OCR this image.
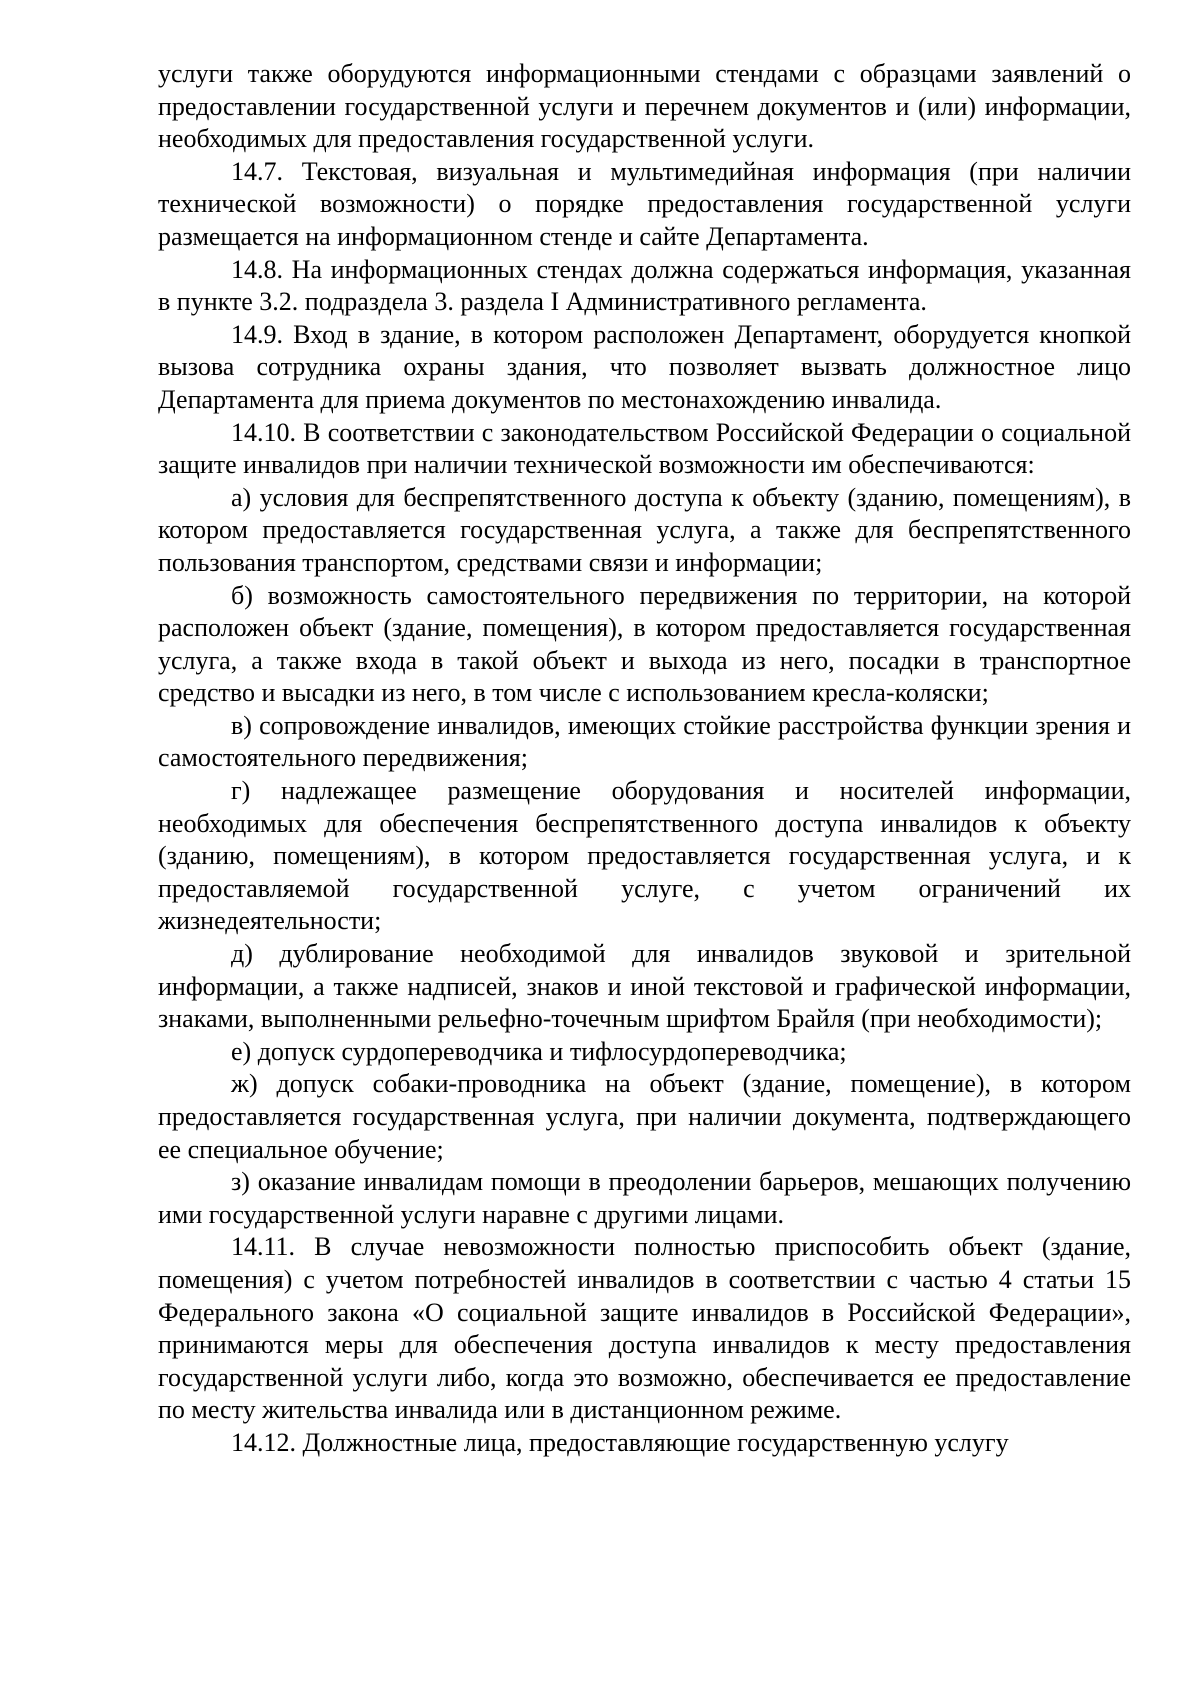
услуги также оборудуются информационными стендами с образцами заявлений о предоставлении государственной услуги и перечнем документов и (или) информации, необходимых для предоставления государственной услуги.

14.7. Текстовая, визуальная и мультимедийная информация (при наличии технической возможности) о порядке предоставления государственной услуги размещается на информационном стенде и сайте Департамента.

14.8. На информационных стендах должна содержаться информация, указанная в пункте 3.2. подраздела 3. раздела I Административного регламента.

14.9. Вход в здание, в котором расположен Департамент, оборудуется кнопкой вызова сотрудника охраны здания, что позволяет вызвать должностное лицо Департамента для приема документов по местонахождению инвалида.

14.10. В соответствии с законодательством Российской Федерации о социальной защите инвалидов при наличии технической возможности им обеспечиваются:

а) условия для беспрепятственного доступа к объекту (зданию, помещениям), в котором предоставляется государственная услуга, а также для беспрепятственного пользования транспортом, средствами связи и информации;

б) возможность самостоятельного передвижения по территории, на которой расположен объект (здание, помещения), в котором предоставляется государственная услуга, а также входа в такой объект и выхода из него, посадки в транспортное средство и высадки из него, в том числе с использованием кресла-коляски;

в) сопровождение инвалидов, имеющих стойкие расстройства функции зрения и самостоятельного передвижения;

г) надлежащее размещение оборудования и носителей информации, необходимых для обеспечения беспрепятственного доступа инвалидов к объекту (зданию, помещениям), в котором предоставляется государственная услуга, и к предоставляемой государственной услуге, с учетом ограничений их жизнедеятельности;

д) дублирование необходимой для инвалидов звуковой и зрительной информации, а также надписей, знаков и иной текстовой и графической информации, знаками, выполненными рельефно-точечным шрифтом Брайля (при необходимости);

е) допуск сурдопереводчика и тифлосурдопереводчика;

ж) допуск собаки-проводника на объект (здание, помещение), в котором предоставляется государственная услуга, при наличии документа, подтверждающего ее специальное обучение;

з) оказание инвалидам помощи в преодолении барьеров, мешающих получению ими государственной услуги наравне с другими лицами.

14.11. В случае невозможности полностью приспособить объект (здание, помещения) с учетом потребностей инвалидов в соответствии с частью 4 статьи 15 Федерального закона «О социальной защите инвалидов в Российской Федерации», принимаются меры для обеспечения доступа инвалидов к месту предоставления государственной услуги либо, когда это возможно, обеспечивается ее предоставление по месту жительства инвалида или в дистанционном режиме.

14.12. Должностные лица, предоставляющие государственную услугу
